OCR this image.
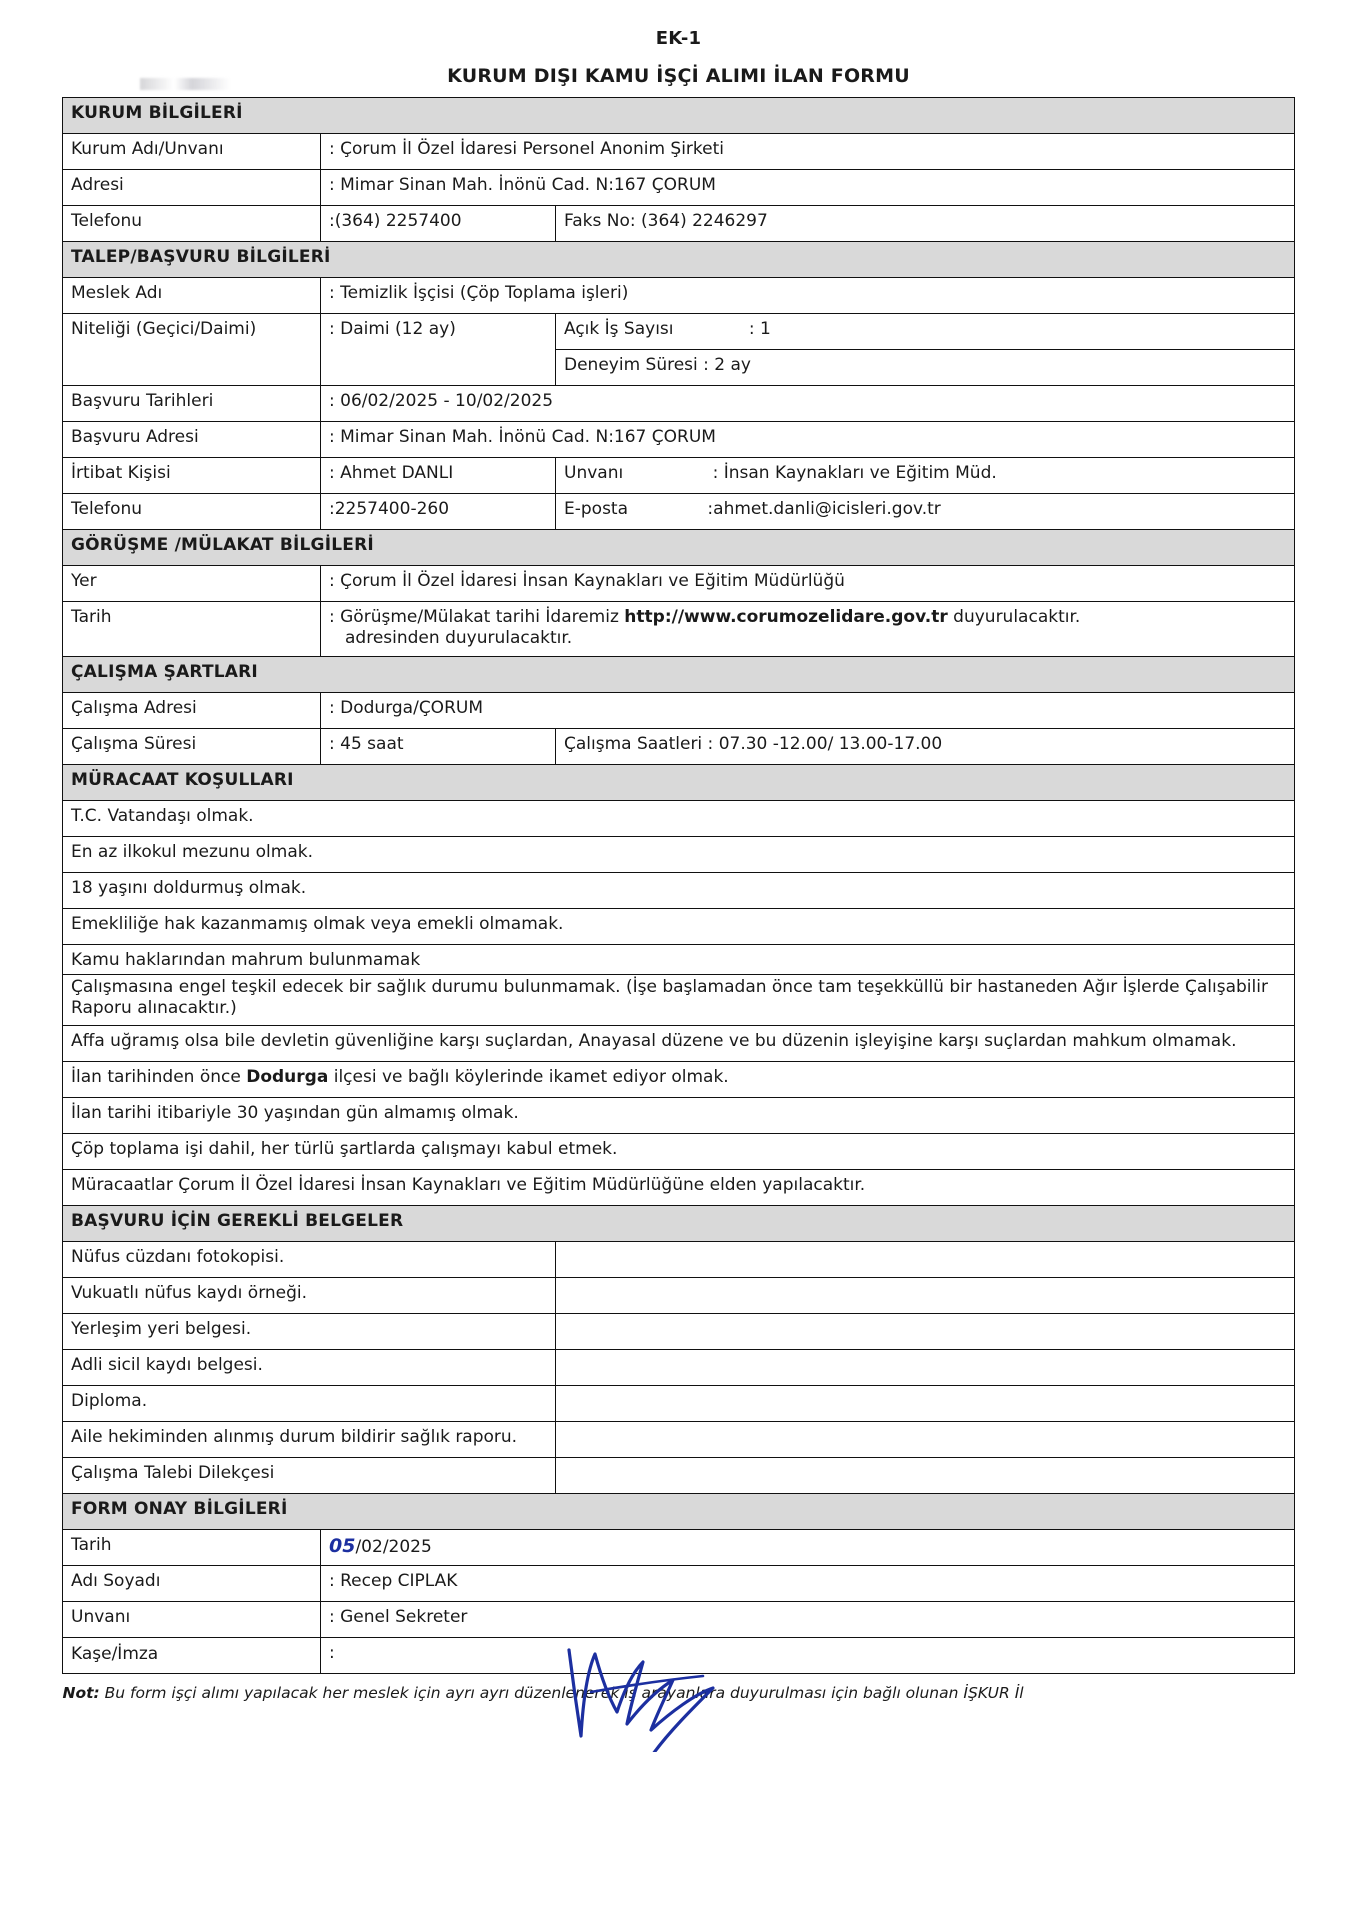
EK-1
KURUM DIŞI KAMU İŞÇİ ALIMI İLAN FORMU
KURUM BİLGİLERİ		
Kurum Adı/Unvanı	: Çorum İl Özel İdaresi Personel Anonim Şirketi	
Adresi	: Mimar Sinan Mah. İnönü Cad. N:167 ÇORUM	
Telefonu	:(364) 2257400	Faks No: (364) 2246297
TALEP/BAŞVURU BİLGİLERİ		
Meslek Adı	: Temizlik İşçisi (Çöp Toplama işleri)	
Niteliği (Geçici/Daimi)	: Daimi (12 ay)	Açık İş Sayısı : 1
		Deneyim Süresi : 2 ay
Başvuru Tarihleri	: 06/02/2025 - 10/02/2025	
Başvuru Adresi	: Mimar Sinan Mah. İnönü Cad. N:167 ÇORUM	
İrtibat Kişisi	: Ahmet DANLI	Unvanı : İnsan Kaynakları ve Eğitim Müd.
Telefonu	:2257400-260	E-posta :ahmet.danli@icisleri.gov.tr
GÖRÜŞME /MÜLAKAT BİLGİLERİ		
Yer	: Çorum İl Özel İdaresi İnsan Kaynakları ve Eğitim Müdürlüğü	
Tarih	: Görüşme/Mülakat tarihi İdaremiz http://www.corumozelidare.gov.tr duyurulacaktır.
adresinden duyurulacaktır.	

ÇALIŞMA ŞARTLARI		
Çalışma Adresi	: Dodurga/ÇORUM	
Çalışma Süresi	: 45 saat	Çalışma Saatleri : 07.30 -12.00/ 13.00-17.00
MÜRACAAT KOŞULLARI		
T.C. Vatandaşı olmak.		
En az ilkokul mezunu olmak.		
18 yaşını doldurmuş olmak.		
Emekliliğe hak kazanmamış olmak veya emekli olmamak.		
Kamu haklarından mahrum bulunmamak		
Çalışmasına engel teşkil edecek bir sağlık durumu bulunmamak. (İşe başlamadan önce tam teşekküllü bir hastaneden Ağır İşlerde Çalışabilir Raporu alınacaktır.)		
Affa uğramış olsa bile devletin güvenliğine karşı suçlardan, Anayasal düzene ve bu düzenin işleyişine karşı suçlardan mahkum olmamak.		
İlan tarihinden önce Dodurga ilçesi ve bağlı köylerinde ikamet ediyor olmak.		
İlan tarihi itibariyle 30 yaşından gün almamış olmak.		
Çöp toplama işi dahil, her türlü şartlarda çalışmayı kabul etmek.		
Müracaatlar Çorum İl Özel İdaresi İnsan Kaynakları ve Eğitim Müdürlüğüne elden yapılacaktır.		
BAŞVURU İÇİN GEREKLİ BELGELER		
Nüfus cüzdanı fotokopisi.		
Vukuatlı nüfus kaydı örneği.		
Yerleşim yeri belgesi.		
Adli sicil kaydı belgesi.		
Diploma.		
Aile hekiminden alınmış durum bildirir sağlık raporu.		
Çalışma Talebi Dilekçesi		
FORM ONAY BİLGİLERİ		
Tarih	05/02/2025	
Adı Soyadı	: Recep CIPLAK	
Unvanı	: Genel Sekreter	
Kaşe/İmza	:	
Not: Bu form işçi alımı yapılacak her meslek için ayrı ayrı düzenlenerek iş arayanlara duyurulması için bağlı olunan İŞKUR İl
